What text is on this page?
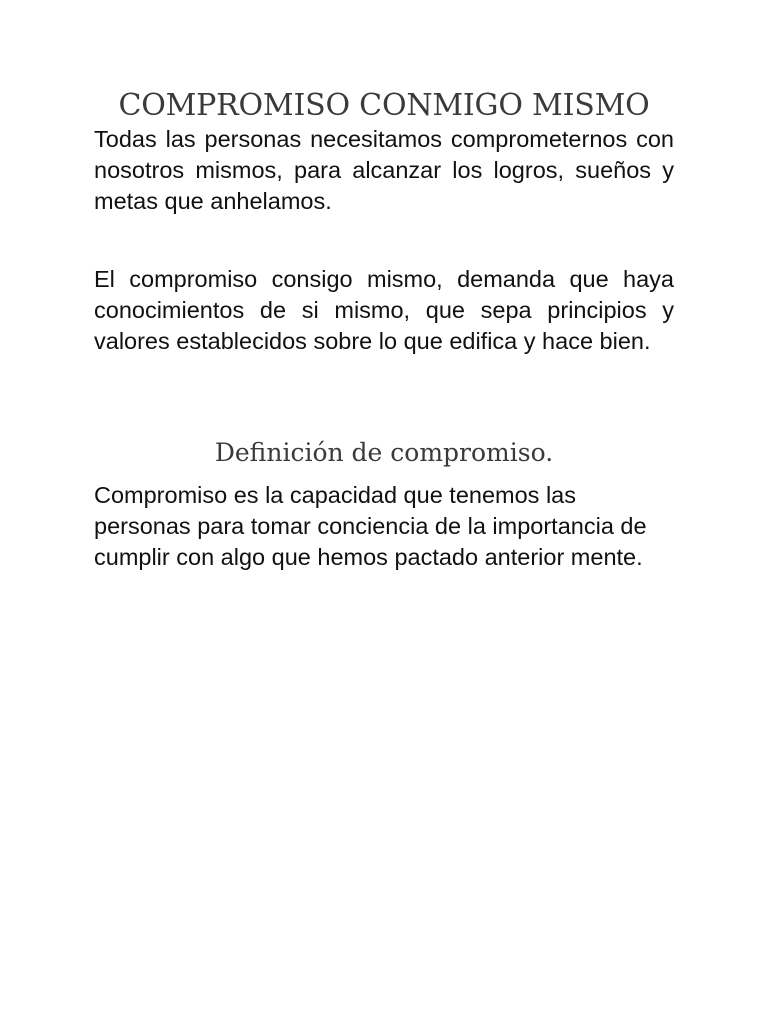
COMPROMISO CONMIGO MISMO

Todas las personas necesitamos comprometernos con nosotros mismos, para alcanzar los logros, sueños y metas que anhelamos.

El compromiso consigo mismo, demanda que haya conocimientos de si mismo, que sepa principios y valores establecidos sobre lo que edifica y hace bien.

Definición de compromiso.

Compromiso es la capacidad que tenemos las personas para tomar conciencia de la importancia de cumplir con algo que hemos pactado anterior mente.
